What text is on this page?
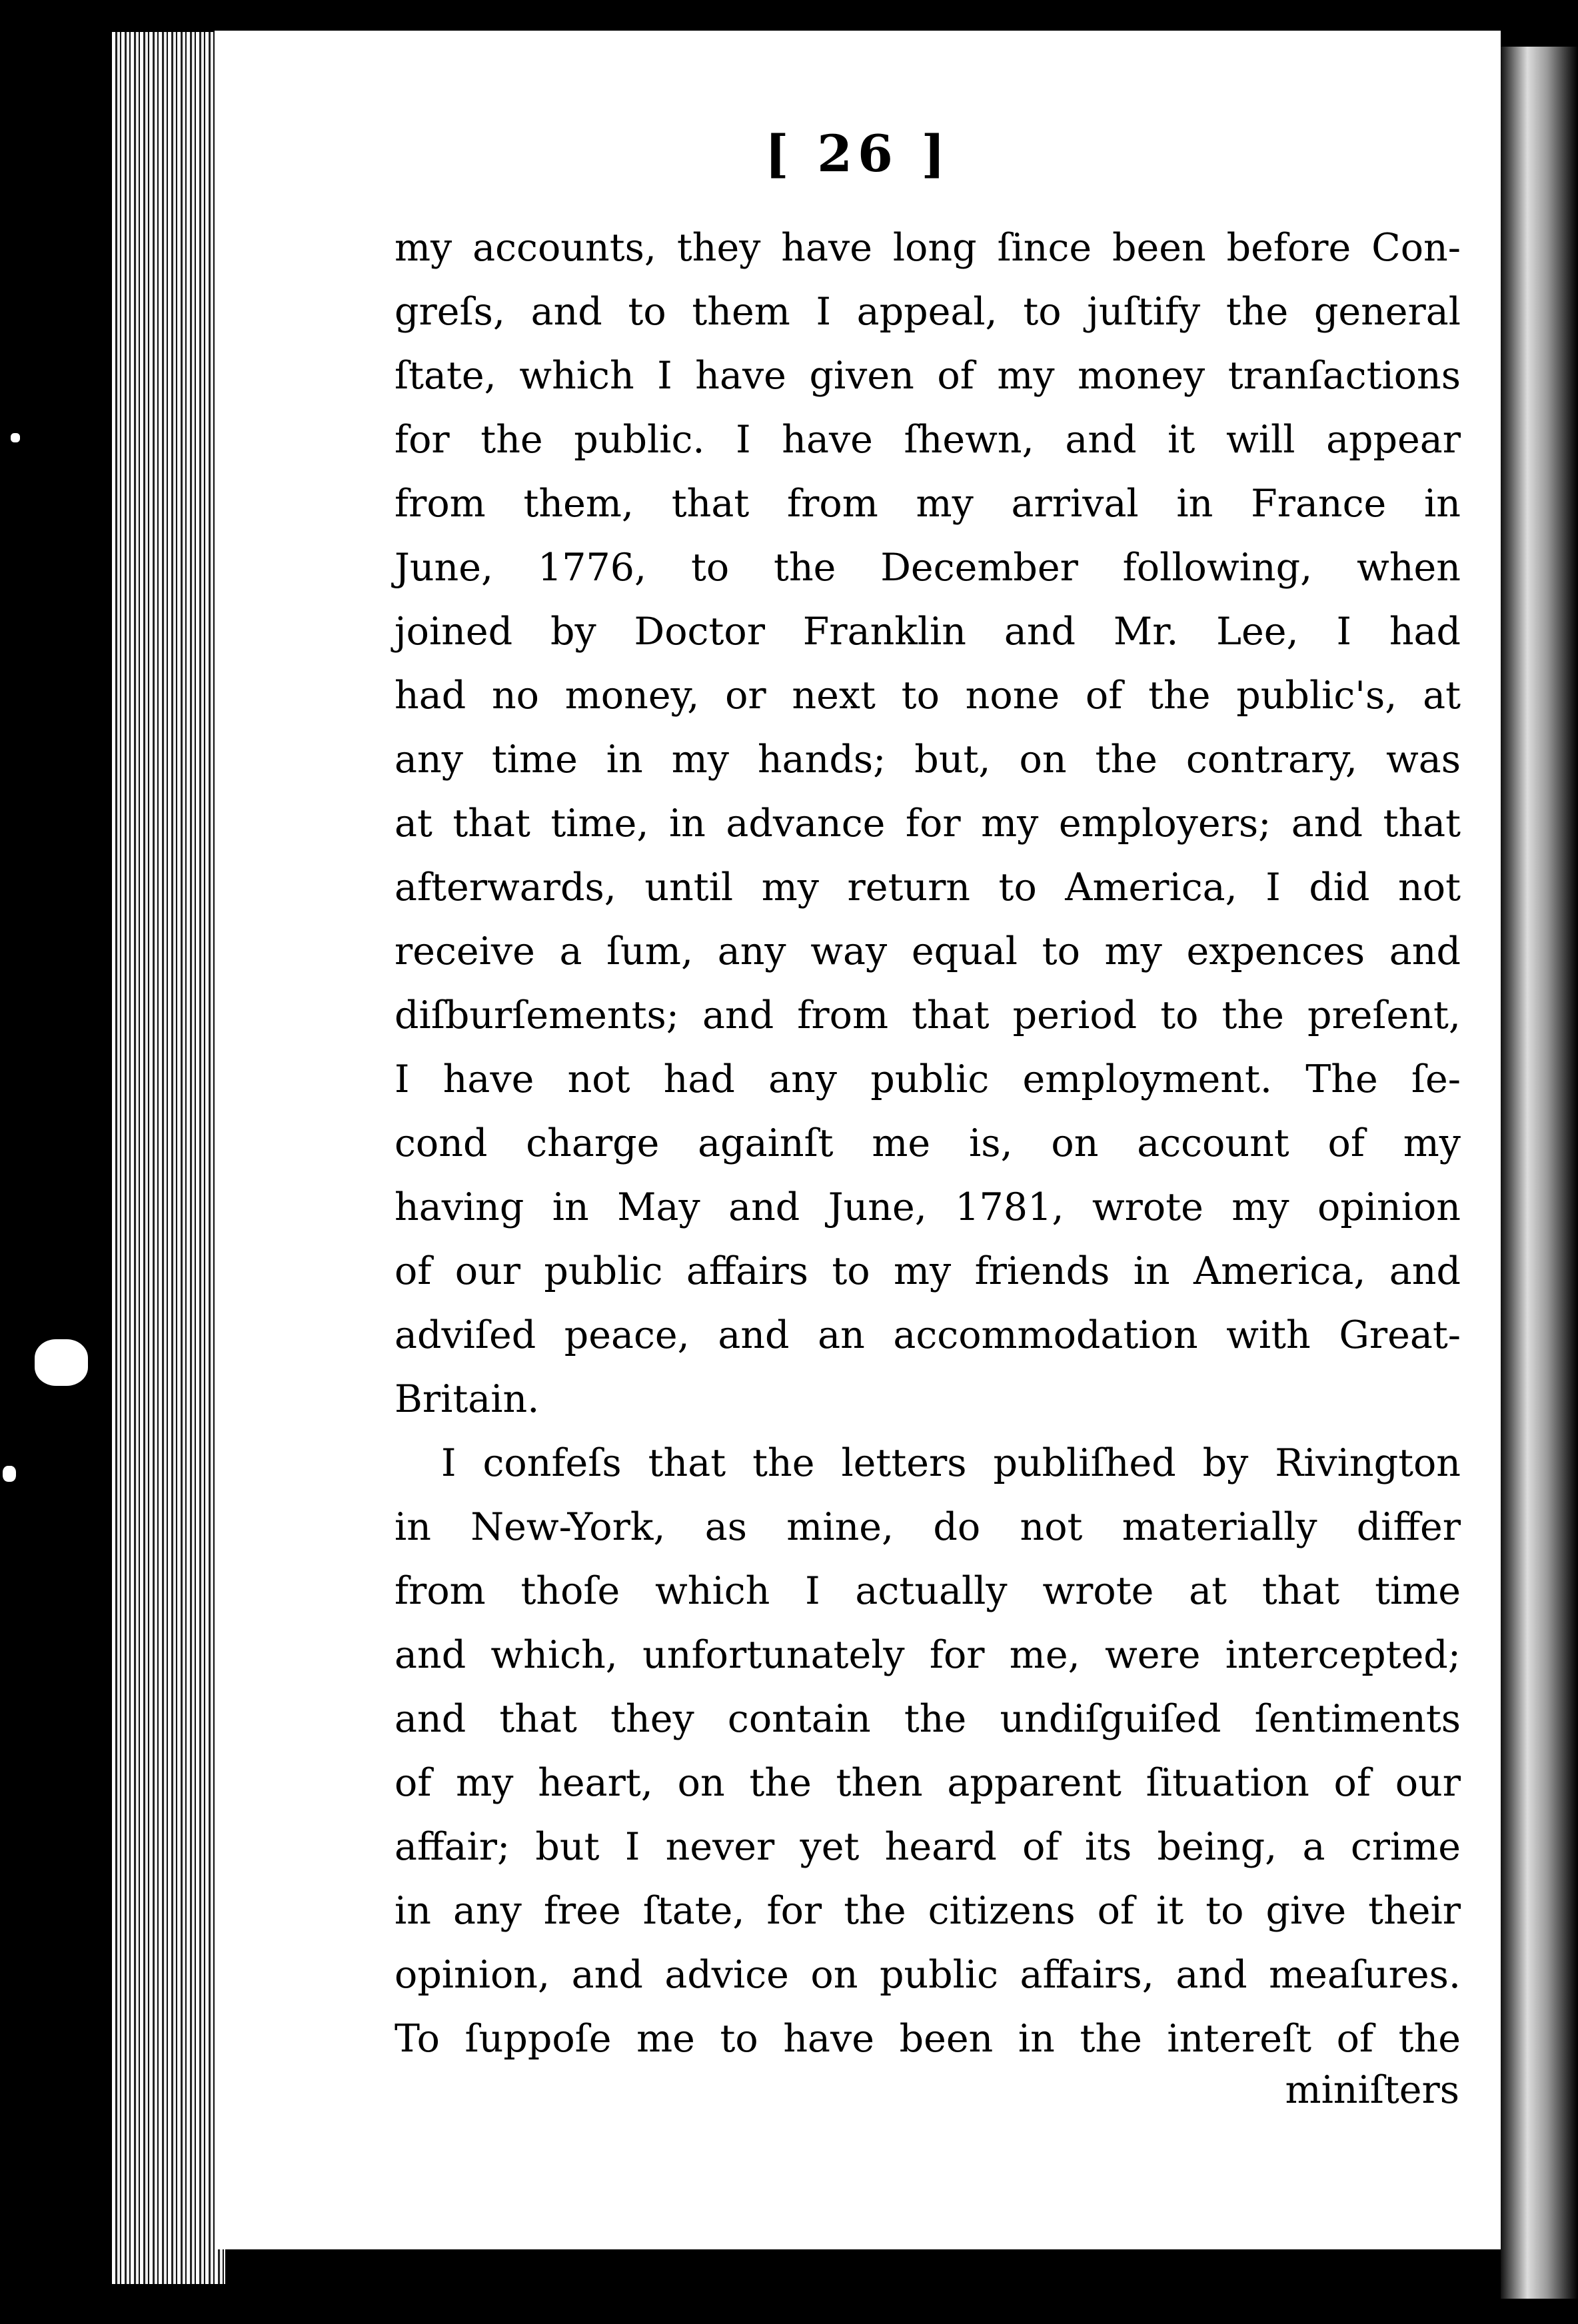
[ 26 ]
my accounts, they have long ſince been before Con-
greſs, and to them I appeal, to juſtify the general
ſtate, which I have given of my money tranſactions
for the public. I have ſhewn, and it will appear
from them, that from my arrival in France in
June, 1776, to the December following, when
joined by Doctor Franklin and Mr. Lee, I had
had no money, or next to none of the public's, at
any time in my hands; but, on the contrary, was
at that time, in advance for my employers; and that
afterwards, until my return to America, I did not
receive a ſum, any way equal to my expences and
diſburſements; and from that period to the preſent,
I have not had any public employment. The ſe-
cond charge againſt me is, on account of my
having in May and June, 1781, wrote my opinion
of our public affairs to my friends in America, and
adviſed peace, and an accommodation with Great-
Britain.
I confeſs that the letters publiſhed by Rivington
in New-York, as mine, do not materially differ
from thoſe which I actually wrote at that time
and which, unfortunately for me, were intercepted;
and that they contain the undiſguiſed ſentiments
of my heart, on the then apparent ſituation of our
affair; but I never yet heard of its being, a crime
in any free ſtate, for the citizens of it to give their
opinion, and advice on public affairs, and meaſures.
To ſuppoſe me to have been in the intereſt of the
miniſters
